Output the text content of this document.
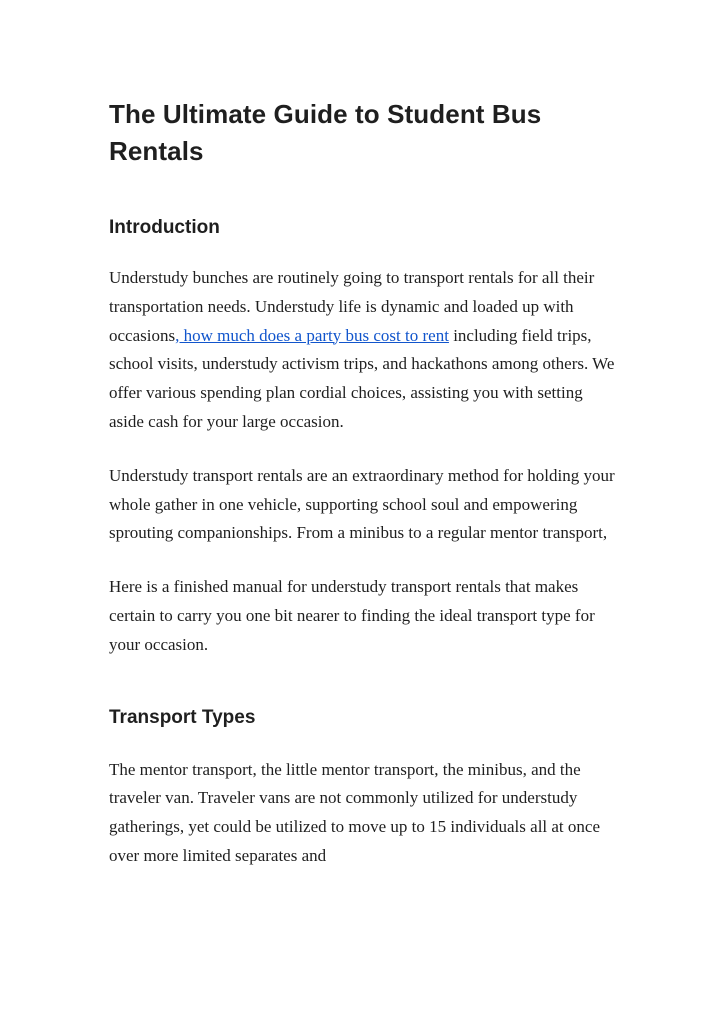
The Ultimate Guide to Student Bus Rentals
Introduction

Understudy bunches are routinely going to transport rentals for all their transportation needs. Understudy life is dynamic and loaded up with occasions, how much does a party bus cost to rent including field trips, school visits, understudy activism trips, and hackathons among others. We offer various spending plan cordial choices, assisting you with setting aside cash for your large occasion.

Understudy transport rentals are an extraordinary method for holding your whole gather in one vehicle, supporting school soul and empowering sprouting companionships. From a minibus to a regular mentor transport,

Here is a finished manual for understudy transport rentals that makes certain to carry you one bit nearer to finding the ideal transport type for your occasion.

Transport Types

The mentor transport, the little mentor transport, the minibus, and the traveler van. Traveler vans are not commonly utilized for understudy gatherings, yet could be utilized to move up to 15 individuals all at once over more limited separates and
